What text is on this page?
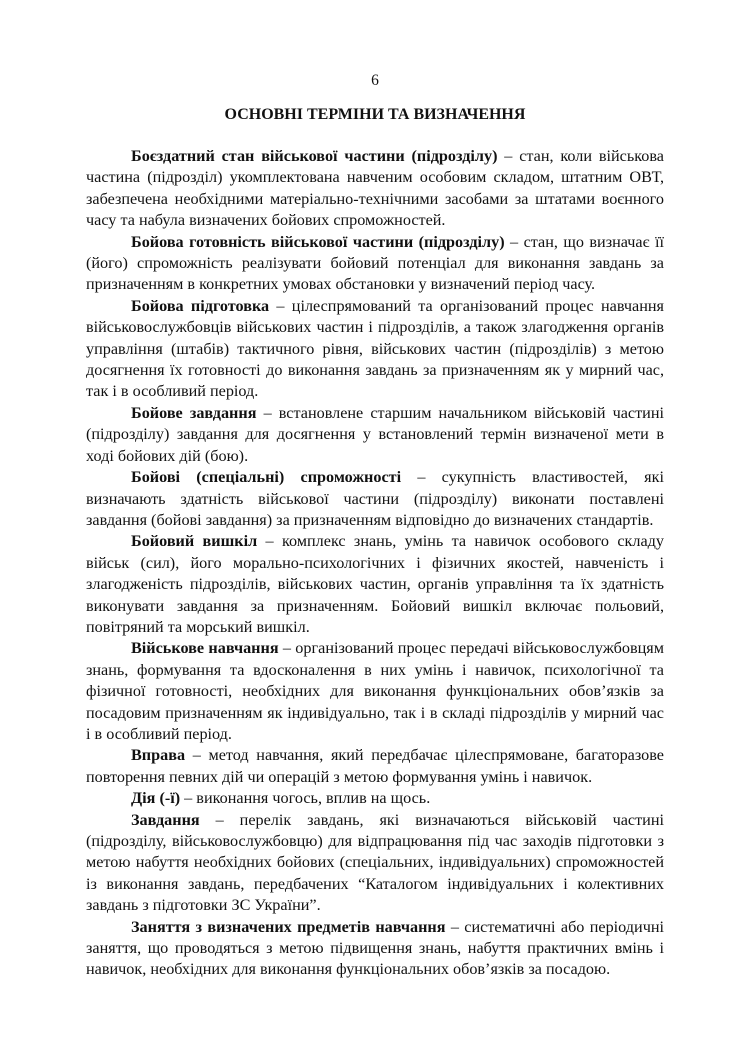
6
ОСНОВНІ ТЕРМІНИ ТА ВИЗНАЧЕННЯ

Боєздатний стан військової частини (підрозділу) – стан, коли військова частина (підрозділ) укомплектована навченим особовим складом, штатним ОВТ, забезпечена необхідними матеріально-технічними засобами за штатами воєнного часу та набула визначених бойових спроможностей.

Бойова готовність військової частини (підрозділу) – стан, що визначає її (його) спроможність реалізувати бойовий потенціал для виконання завдань за призначенням в конкретних умовах обстановки у визначений період часу.

Бойова підготовка – цілеспрямований та організований процес навчання військовослужбовців військових частин і підрозділів, а також злагодження органів управління (штабів) тактичного рівня, військових частин (підрозділів) з метою досягнення їх готовності до виконання завдань за призначенням як у мирний час, так і в особливий період.

Бойове завдання – встановлене старшим начальником військовій частині (підрозділу) завдання для досягнення у встановлений термін визначеної мети в ході бойових дій (бою).

Бойові (спеціальні) спроможності – сукупність властивостей, які визначають здатність військової частини (підрозділу) виконати поставлені завдання (бойові завдання) за призначенням відповідно до визначених стандартів.

Бойовий вишкіл – комплекс знань, умінь та навичок особового складу військ (сил), його морально-психологічних і фізичних якостей, навченість і злагодженість підрозділів, військових частин, органів управління та їх здатність виконувати завдання за призначенням. Бойовий вишкіл включає польовий, повітряний та морський вишкіл.

Військове навчання – організований процес передачі військовослужбовцям знань, формування та вдосконалення в них умінь і навичок, психологічної та фізичної готовності, необхідних для виконання функціональних обов’язків за посадовим призначенням як індивідуально, так і в складі підрозділів у мирний час і в особливий період.

Вправа – метод навчання, який передбачає цілеспрямоване, багаторазове повторення певних дій чи операцій з метою формування умінь і навичок.

Дія (-ї) – виконання чогось, вплив на щось.

Завдання – перелік завдань, які визначаються військовій частині (підрозділу, військовослужбовцю) для відпрацювання під час заходів підготовки з метою набуття необхідних бойових (спеціальних, індивідуальних) спроможностей із виконання завдань, передбачених “Каталогом індивідуальних і колективних завдань з підготовки ЗС України”.

Заняття з визначених предметів навчання – систематичні або періодичні заняття, що проводяться з метою підвищення знань, набуття практичних вмінь і навичок, необхідних для виконання функціональних обов’язків за посадою.
